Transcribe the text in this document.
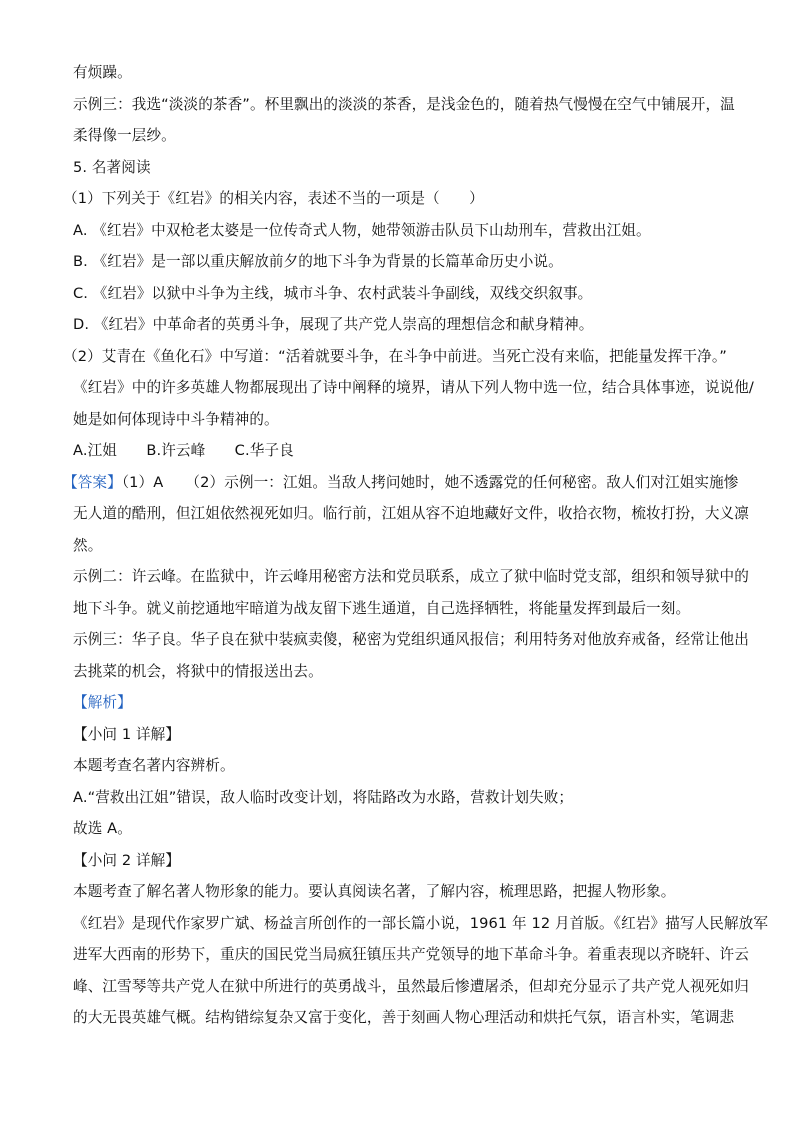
有烦躁。
示例三：我选“淡淡的茶香”。杯里飘出的淡淡的茶香，是浅金色的，随着热气慢慢在空气中铺展开，温
柔得像一层纱。
5. 名著阅读
（1）下列关于《红岩》的相关内容，表述不当的一项是（　　）
A. 《红岩》中双枪老太婆是一位传奇式人物，她带领游击队员下山劫刑车，营救出江姐。
B. 《红岩》是一部以重庆解放前夕的地下斗争为背景的长篇革命历史小说。
C. 《红岩》以狱中斗争为主线，城市斗争、农村武装斗争副线，双线交织叙事。
D. 《红岩》中革命者的英勇斗争，展现了共产党人崇高的理想信念和献身精神。
（2）艾青在《鱼化石》中写道：“活着就要斗争，在斗争中前进。当死亡没有来临，把能量发挥干净。”
《红岩》中的许多英雄人物都展现出了诗中阐释的境界，请从下列人物中选一位，结合具体事迹，说说他/
她是如何体现诗中斗争精神的。
A.江姐　　B.许云峰　　C.华子良
【答案】（1）A　　（2）示例一：江姐。当敌人拷问她时，她不透露党的任何秘密。敌人们对江姐实施惨
无人道的酷刑，但江姐依然视死如归。临行前，江姐从容不迫地藏好文件，收拾衣物，梳妆打扮，大义凛
然。
示例二：许云峰。在监狱中，许云峰用秘密方法和党员联系，成立了狱中临时党支部，组织和领导狱中的
地下斗争。就义前挖通地牢暗道为战友留下逃生通道，自己选择牺牲，将能量发挥到最后一刻。
示例三：华子良。华子良在狱中装疯卖傻，秘密为党组织通风报信；利用特务对他放弃戒备，经常让他出
去挑菜的机会，将狱中的情报送出去。
【解析】
【小问 1 详解】
本题考查名著内容辨析。
A.“营救出江姐”错误，敌人临时改变计划，将陆路改为水路，营救计划失败；
故选 A。
【小问 2 详解】
本题考查了解名著人物形象的能力。要认真阅读名著，了解内容，梳理思路，把握人物形象。
《红岩》是现代作家罗广斌、杨益言所创作的一部长篇小说，1961 年 12 月首版。《红岩》描写人民解放军
进军大西南的形势下，重庆的国民党当局疯狂镇压共产党领导的地下革命斗争。着重表现以齐晓轩、许云
峰、江雪琴等共产党人在狱中所进行的英勇战斗，虽然最后惨遭屠杀，但却充分显示了共产党人视死如归
的大无畏英雄气概。结构错综复杂又富于变化，善于刻画人物心理活动和烘托气氛，语言朴实，笔调悲
